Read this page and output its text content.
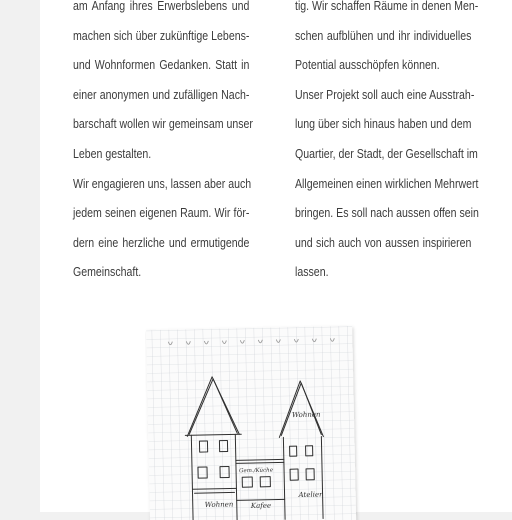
am Anfang ihres Erwerbslebens und
machen sich über zukünftige Lebens-
und Wohnformen Gedanken. Statt in
einer anonymen und zufälligen Nach-
barschaft wollen wir gemeinsam unser
Leben gestalten.
Wir engagieren uns, lassen aber auch
jedem seinen eigenen Raum. Wir för-
dern eine herzliche und ermutigende
Gemeinschaft.
tig. Wir schaffen Räume in denen Men-
schen aufblühen und ihr individuelles
Potential ausschöpfen können.
Unser Projekt soll auch eine Ausstrah-
lung über sich hinaus haben und dem
Quartier, der Stadt, der Gesellschaft im
Allgemeinen einen wirklichen Mehrwert
bringen. Es soll nach aussen offen sein
und sich auch von aussen inspirieren
lassen.
Wohnen
Wohnen
Gem./Küche
Kafee
Atelier
